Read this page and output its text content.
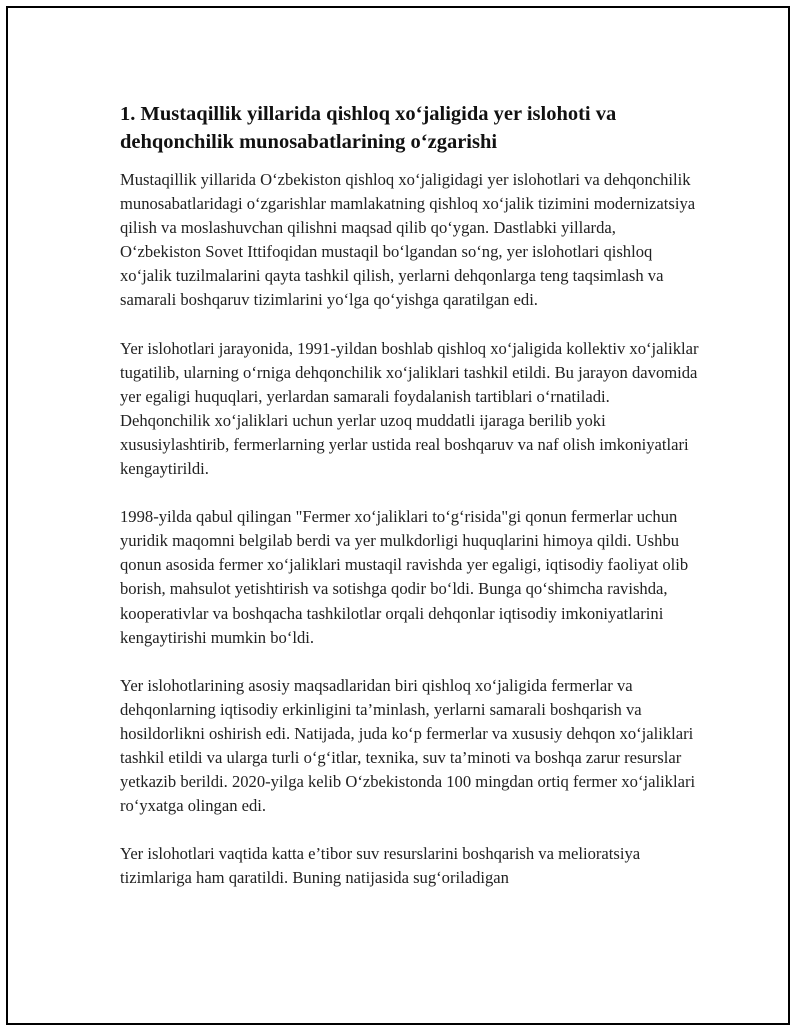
1. Mustaqillik yillarida qishloq xo‘jaligida yer islohoti va dehqonchilik munosabatlarining o‘zgarishi

Mustaqillik yillarida O‘zbekiston qishloq xo‘jaligidagi yer islohotlari va dehqonchilik munosabatlaridagi o‘zgarishlar mamlakatning qishloq xo‘jalik tizimini modernizatsiya qilish va moslashuvchan qilishni maqsad qilib qo‘ygan. Dastlabki yillarda, O‘zbekiston Sovet Ittifoqidan mustaqil bo‘lgandan so‘ng, yer islohotlari qishloq xo‘jalik tuzilmalarini qayta tashkil qilish, yerlarni dehqonlarga teng taqsimlash va samarali boshqaruv tizimlarini yo‘lga qo‘yishga qaratilgan edi.

Yer islohotlari jarayonida, 1991-yildan boshlab qishloq xo‘jaligida kollektiv xo‘jaliklar tugatilib, ularning o‘rniga dehqonchilik xo‘jaliklari tashkil etildi. Bu jarayon davomida yer egaligi huquqlari, yerlardan samarali foydalanish tartiblari o‘rnatiladi. Dehqonchilik xo‘jaliklari uchun yerlar uzoq muddatli ijaraga berilib yoki xususiylashtirib, fermerlarning yerlar ustida real boshqaruv va naf olish imkoniyatlari kengaytirildi.

1998-yilda qabul qilingan "Fermer xo‘jaliklari to‘g‘risida"gi qonun fermerlar uchun yuridik maqomni belgilab berdi va yer mulkdorligi huquqlarini himoya qildi. Ushbu qonun asosida fermer xo‘jaliklari mustaqil ravishda yer egaligi, iqtisodiy faoliyat olib borish, mahsulot yetishtirish va sotishga qodir bo‘ldi. Bunga qo‘shimcha ravishda, kooperativlar va boshqacha tashkilotlar orqali dehqonlar iqtisodiy imkoniyatlarini kengaytirishi mumkin bo‘ldi.

Yer islohotlarining asosiy maqsadlaridan biri qishloq xo‘jaligida fermerlar va dehqonlarning iqtisodiy erkinligini ta’minlash, yerlarni samarali boshqarish va hosildorlikni oshirish edi. Natijada, juda ko‘p fermerlar va xususiy dehqon xo‘jaliklari tashkil etildi va ularga turli o‘g‘itlar, texnika, suv ta’minoti va boshqa zarur resurslar yetkazib berildi. 2020-yilga kelib O‘zbekistonda 100 mingdan ortiq fermer xo‘jaliklari ro‘yxatga olingan edi.

Yer islohotlari vaqtida katta e’tibor suv resurslarini boshqarish va melioratsiya tizimlariga ham qaratildi. Buning natijasida sug‘oriladigan
